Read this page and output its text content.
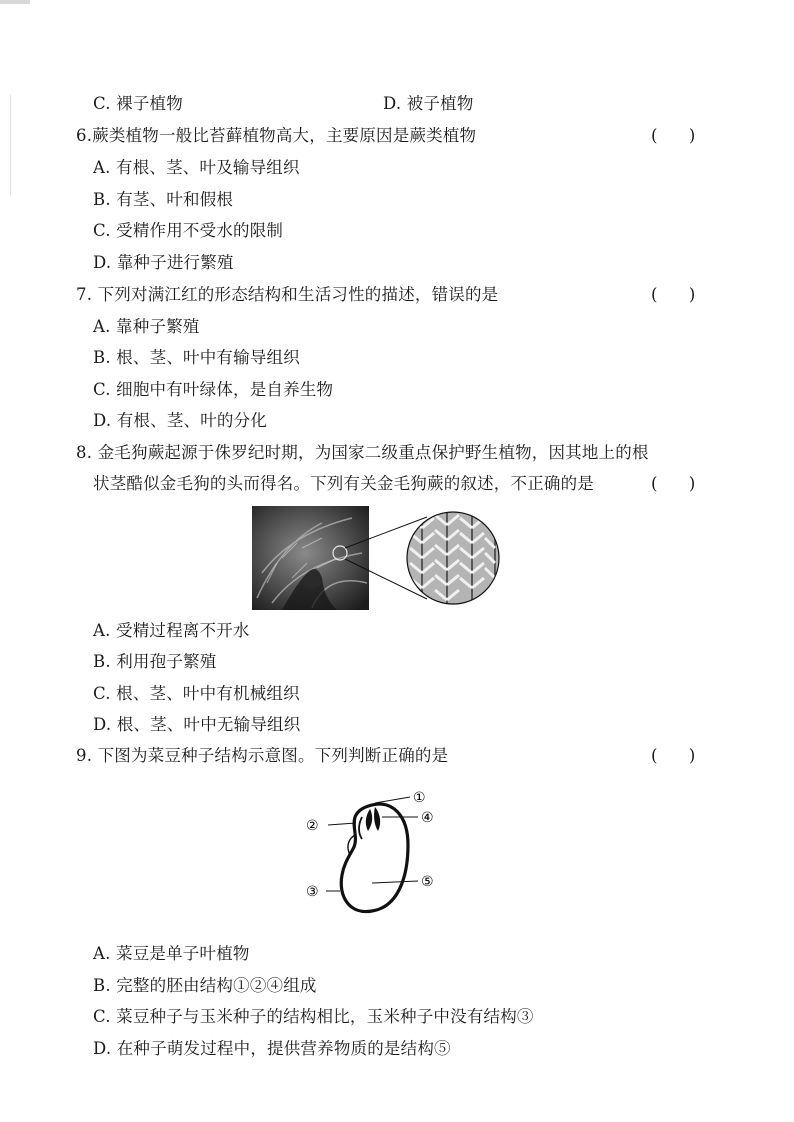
C. 裸子植物	D. 被子植物
6.蕨类植物一般比苔藓植物高大，主要原因是蕨类植物	(      )
A. 有根、茎、叶及输导组织
B. 有茎、叶和假根
C. 受精作用不受水的限制
D. 靠种子进行繁殖
7. 下列对满江红的形态结构和生活习性的描述，错误的是	(      )
A. 靠种子繁殖
B. 根、茎、叶中有输导组织
C. 细胞中有叶绿体，是自养生物
D. 有根、茎、叶的分化
8. 金毛狗蕨起源于侏罗纪时期，为国家二级重点保护野生植物，因其地上的根
状茎酷似金毛狗的头而得名。下列有关金毛狗蕨的叙述，不正确的是	(      )
A. 受精过程离不开水
B. 利用孢子繁殖
C. 根、茎、叶中有机械组织
D. 根、茎、叶中无输导组织
9. 下图为菜豆种子结构示意图。下列判断正确的是	(      )
①
②
③
④
⑤
A. 菜豆是单子叶植物
B. 完整的胚由结构①②④组成
C. 菜豆种子与玉米种子的结构相比，玉米种子中没有结构③
D. 在种子萌发过程中，提供营养物质的是结构⑤
